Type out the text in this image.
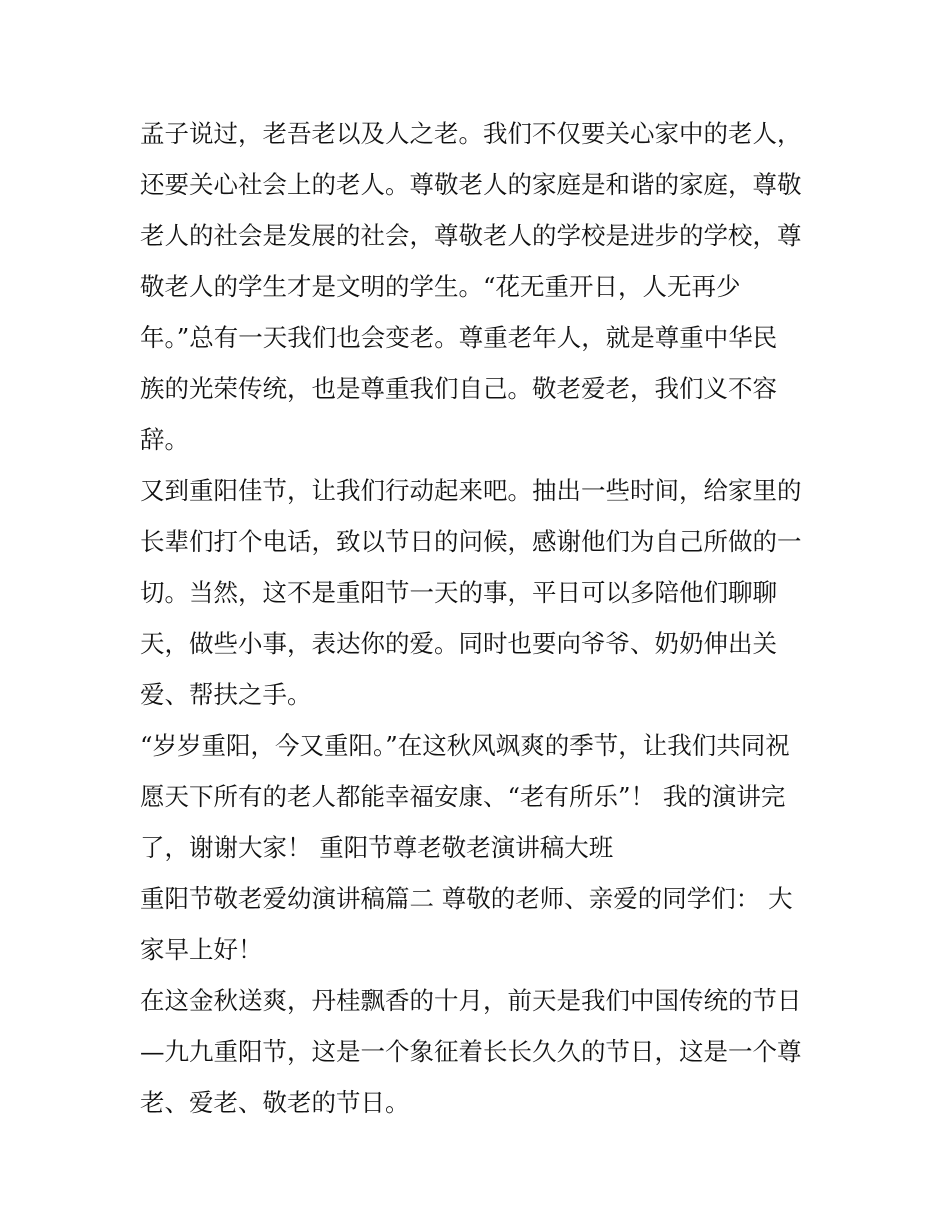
孟子说过，老吾老以及人之老。我们不仅要关心家中的老人，
还要关心社会上的老人。尊敬老人的家庭是和谐的家庭，尊敬
老人的社会是发展的社会，尊敬老人的学校是进步的学校，尊
敬老人的学生才是文明的学生。“花无重开日，人无再少
年。”总有一天我们也会变老。尊重老年人，就是尊重中华民
族的光荣传统，也是尊重我们自己。敬老爱老，我们义不容
辞。
又到重阳佳节，让我们行动起来吧。抽出一些时间，给家里的
长辈们打个电话，致以节日的问候，感谢他们为自己所做的一
切。当然，这不是重阳节一天的事，平日可以多陪他们聊聊
天，做些小事，表达你的爱。同时也要向爷爷、奶奶伸出关
爱、帮扶之手。
“岁岁重阳，今又重阳。”在这秋风飒爽的季节，让我们共同祝
愿天下所有的老人都能幸福安康、“老有所乐”！ 我的演讲完
了，谢谢大家！ 重阳节尊老敬老演讲稿大班
重阳节敬老爱幼演讲稿篇二 尊敬的老师、亲爱的同学们： 大
家早上好！
在这金秋送爽，丹桂飘香的十月，前天是我们中国传统的节日
—九九重阳节，这是一个象征着长长久久的节日，这是一个尊
老、爱老、敬老的节日。
